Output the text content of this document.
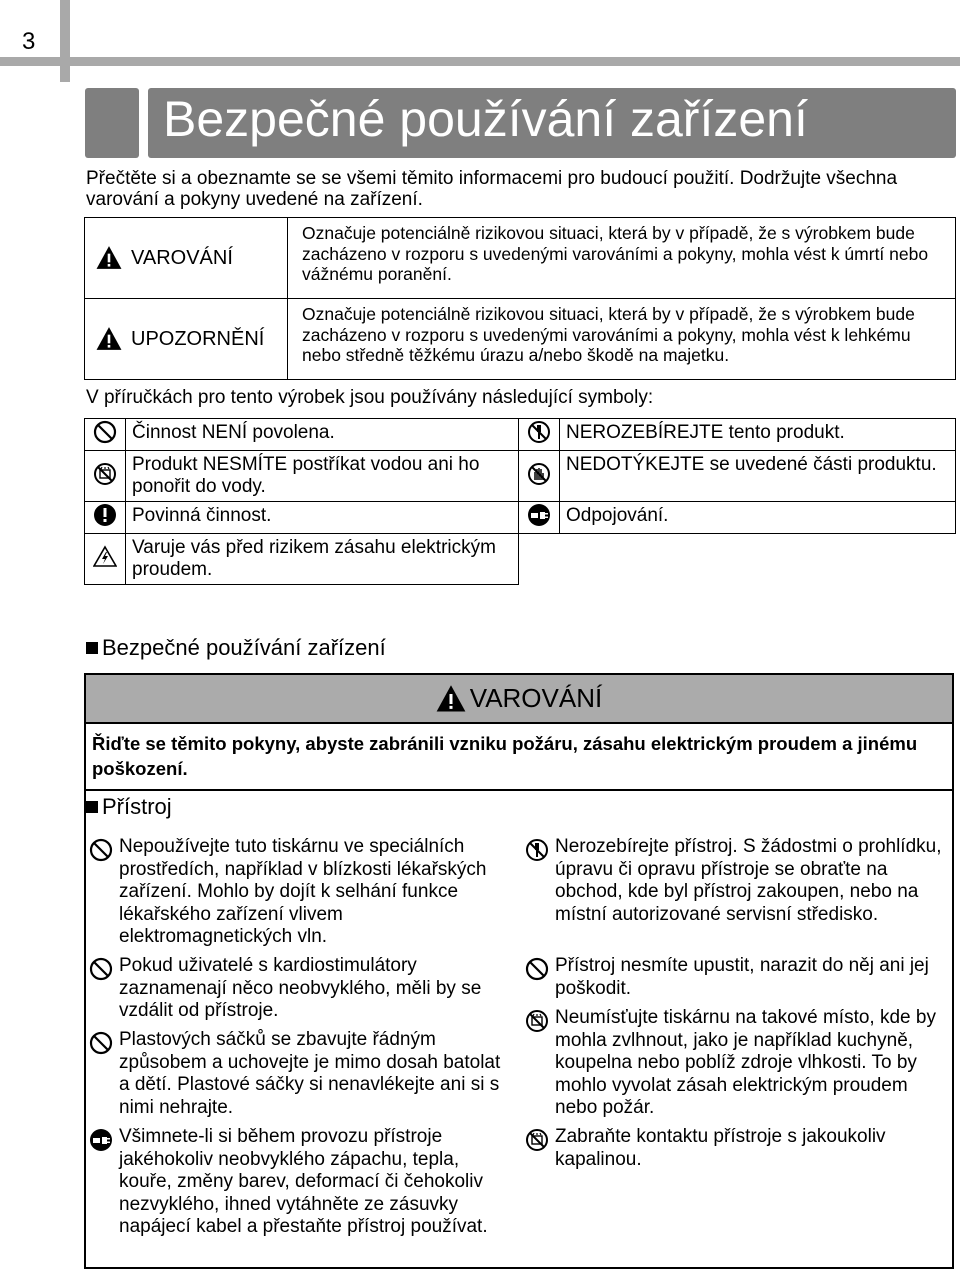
3
Bezpečné používání zařízení
Přečtěte si a obeznamte se se všemi těmito informacemi pro budoucí použití. Dodržujte všechna varování a pokyny uvedené na zařízení.
VAROVÁNÍ	Označuje potenciálně rizikovou situaci, která by v případě, že s výrobkem bude zacházeno v rozporu s uvedenými varováními a pokyny, mohla vést k úmrtí nebo vážnému poranění.

UPOZORNĚNÍ	Označuje potenciálně rizikovou situaci, která by v případě, že s výrobkem bude zacházeno v rozporu s uvedenými varováními a pokyny, mohla vést k lehkému nebo středně těžkému úrazu a/nebo škodě na majetku.
V příručkách pro tento výrobek jsou používány následující symboly:
	Činnost NENÍ povolena.		NEROZEBÍREJTE tento produkt.
	Produkt NESMÍTE postříkat vodou ani ho ponořit do vody.		NEDOTÝKEJTE se uvedené části produktu.
	Povinná činnost.		Odpojování.
	Varuje vás před rizikem zásahu elektrickým proudem.		
Bezpečné používání zařízení
VAROVÁNÍ
Řiďte se těmito pokyny, abyste zabránili vzniku požáru, zásahu elektrickým proudem a jinému poškození.
Přístroj
Nepoužívejte tuto tiskárnu ve speciálních prostředích, například v blízkosti lékařských zařízení. Mohlo by dojít k selhání funkce lékařského zařízení vlivem elektromagnetických vln.
Pokud uživatelé s kardiostimulátory zaznamenají něco neobvyklého, měli by se vzdálit od přístroje.
Plastových sáčků se zbavujte řádným způsobem a uchovejte je mimo dosah batolat a dětí. Plastové sáčky si nenavlékejte ani si s nimi nehrajte.
Všimnete-li si během provozu přístroje jakéhokoliv neobvyklého zápachu, tepla, kouře, změny barev, deformací či čehokoliv nezvyklého, ihned vytáhněte ze zásuvky napájecí kabel a přestaňte přístroj používat.
Nerozebírejte přístroj. S žádostmi o prohlídku, úpravu či opravu přístroje se obraťte na obchod, kde byl přístroj zakoupen, nebo na místní autorizované servisní středisko.
Přístroj nesmíte upustit, narazit do něj ani jej poškodit.
Neumísťujte tiskárnu na takové místo, kde by mohla zvlhnout, jako je například kuchyně, koupelna nebo poblíž zdroje vlhkosti. To by mohlo vyvolat zásah elektrickým proudem nebo požár.
Zabraňte kontaktu přístroje s jakoukoliv kapalinou.
